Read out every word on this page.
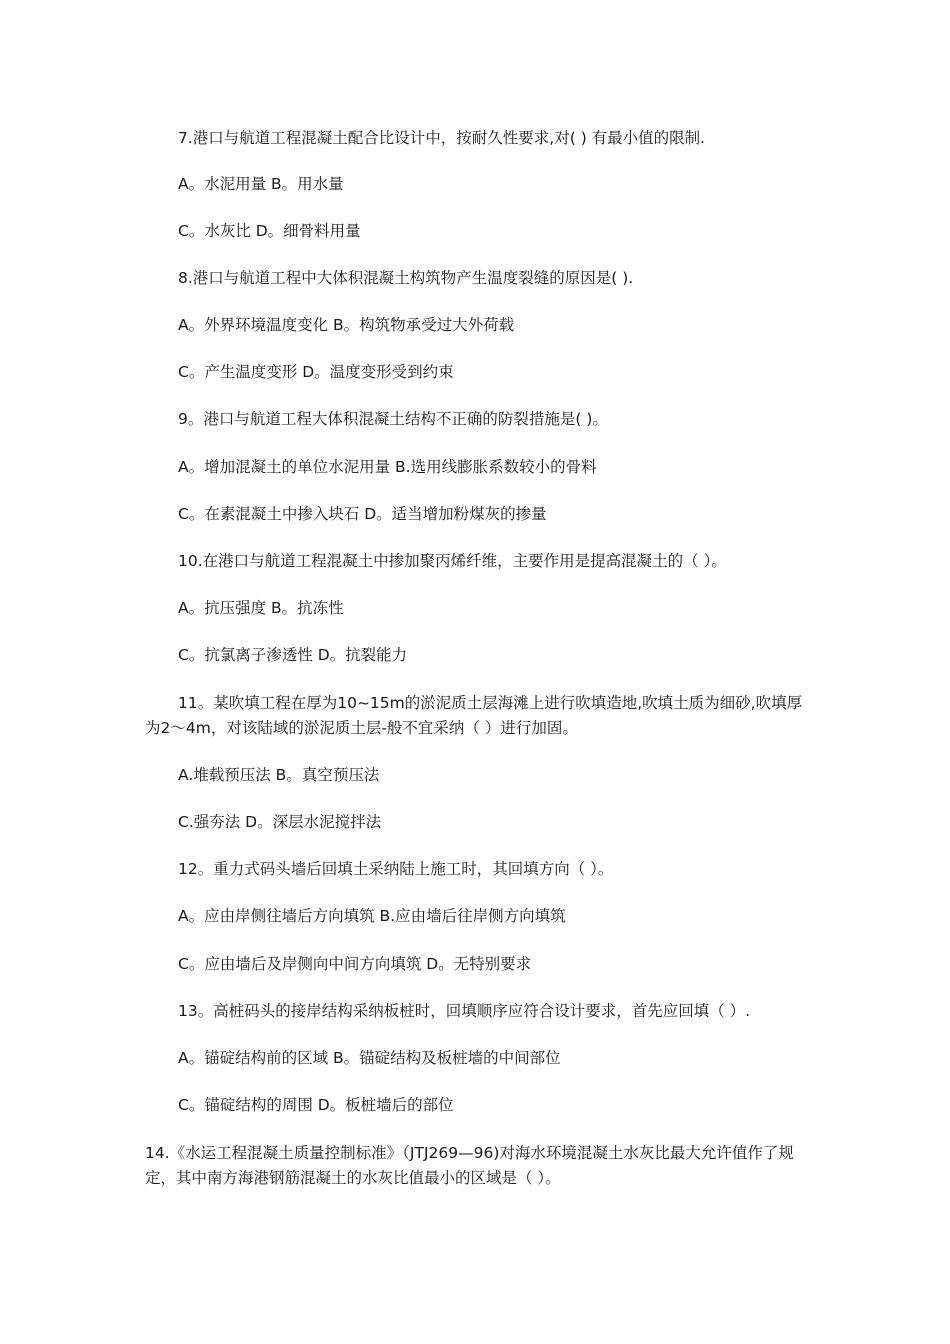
7.港口与航道工程混凝土配合比设计中，按耐久性要求,对( ) 有最小值的限制.
A。水泥用量 B。用水量
C。水灰比 D。细骨料用量
8.港口与航道工程中大体积混凝土构筑物产生温度裂缝的原因是( ).
A。外界环境温度变化 B。构筑物承受过大外荷载
C。产生温度变形 D。温度变形受到约束
9。港口与航道工程大体积混凝土结构不正确的防裂措施是( )。
A。增加混凝土的单位水泥用量 B.选用线膨胀系数较小的骨料
C。在素混凝土中掺入块石 D。适当增加粉煤灰的掺量
10.在港口与航道工程混凝土中掺加聚丙烯纤维，主要作用是提高混凝土的（ ）。
A。抗压强度 B。抗冻性
C。抗氯离子渗透性 D。抗裂能力
11。某吹填工程在厚为10~15m的淤泥质土层海滩上进行吹填造地,吹填土质为细砂,吹填厚为2～4m，对该陆域的淤泥质土层-般不宜采纳（ ）进行加固。
A.堆载预压法 B。真空预压法
C.强夯法 D。深层水泥搅拌法
12。重力式码头墙后回填土采纳陆上施工时，其回填方向（ ）。
A。应由岸侧往墙后方向填筑 B.应由墙后往岸侧方向填筑
C。应由墙后及岸侧向中间方向填筑 D。无特别要求
13。高桩码头的接岸结构采纳板桩时，回填顺序应符合设计要求，首先应回填（ ）.
A。锚碇结构前的区域 B。锚碇结构及板桩墙的中间部位
C。锚碇结构的周围 D。板桩墙后的部位
14.《水运工程混凝土质量控制标准》（JTJ269—96)对海水环境混凝土水灰比最大允许值作了规定，其中南方海港钢筋混凝土的水灰比值最小的区域是（ ）。
